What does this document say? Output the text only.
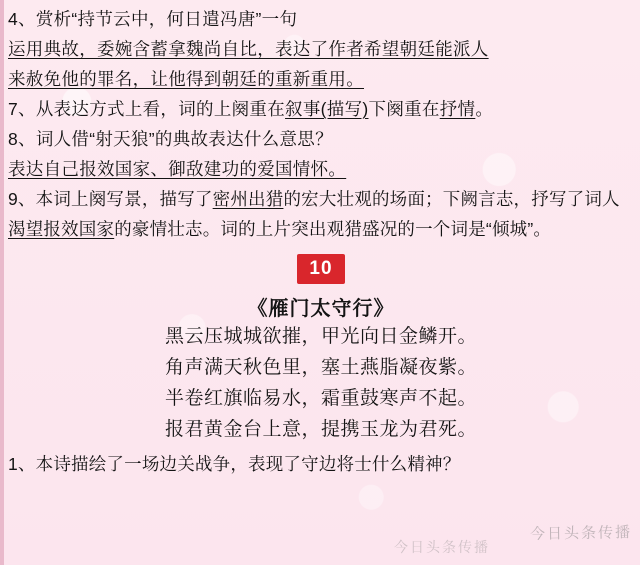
4、赏析“持节云中，何日遣冯唐”一句
运用典故，委婉含蓄拿魏尚自比，表达了作者希望朝廷能派人
来赦免他的罪名，让他得到朝廷的重新重用。
7、从表达方式上看，词的上阕重在叙事(描写)下阕重在抒情。
8、词人借“射天狼”的典故表达什么意思？
表达自己报效国家、御敌建功的爱国情怀。
9、本词上阕写景，描写了密州出猎的宏大壮观的场面；下阙言志，抒写了词人渴望报效国家的豪情壮志。词的上片突出观猎盛况的一个词是“倾城”。
10
《雁门太守行》
黑云压城城欲摧，甲光向日金鳞开。
角声满天秋色里，塞土燕脂凝夜紫。
半卷红旗临易水，霜重鼓寒声不起。
报君黄金台上意，提携玉龙为君死。
1、本诗描绘了一场边关战争，表现了守边将士什么精神？
今日头条传播
今日头条传播
